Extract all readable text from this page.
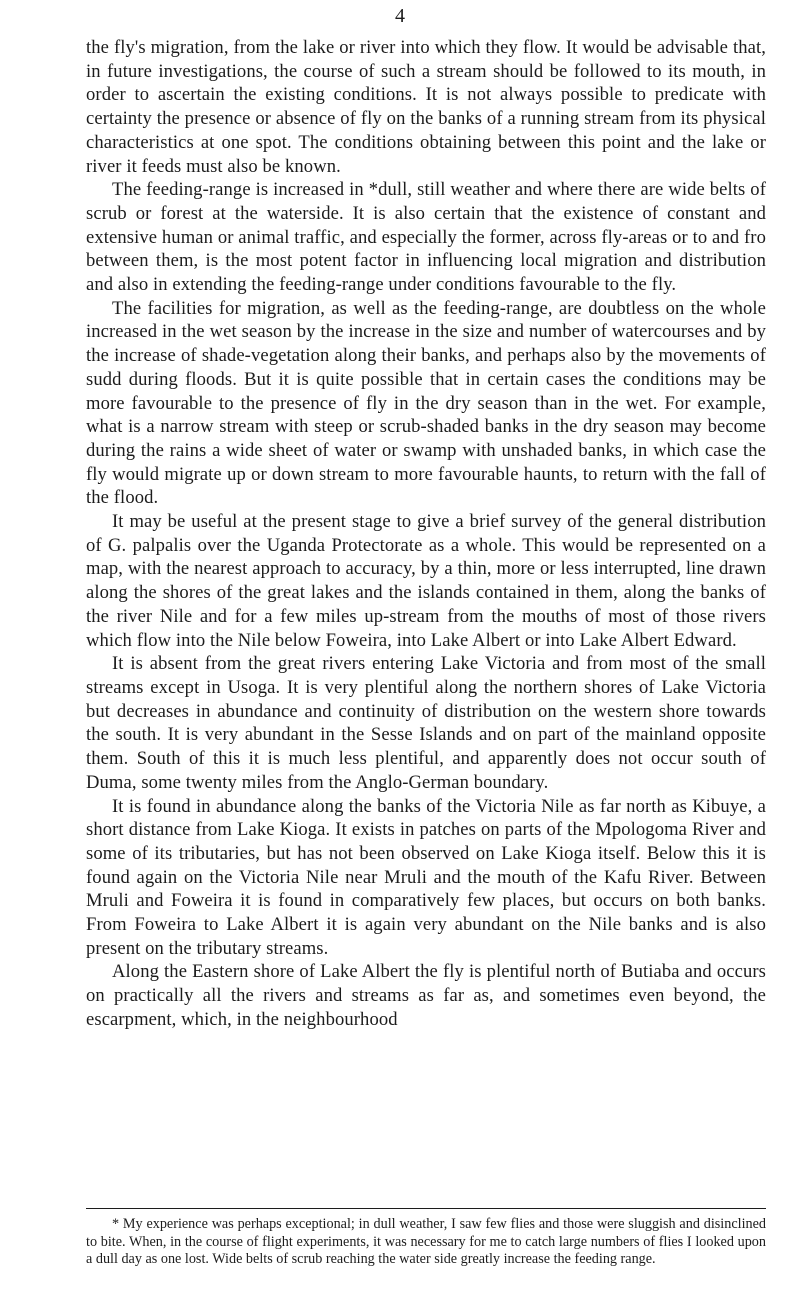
4

the fly's migration, from the lake or river into which they flow. It would be advisable that, in future investigations, the course of such a stream should be followed to its mouth, in order to ascertain the existing conditions. It is not always possible to predicate with certainty the presence or absence of fly on the banks of a running stream from its physical characteristics at one spot. The conditions obtaining between this point and the lake or river it feeds must also be known.

The feeding-range is increased in *dull, still weather and where there are wide belts of scrub or forest at the waterside. It is also certain that the existence of constant and extensive human or animal traffic, and especially the former, across fly-areas or to and fro between them, is the most potent factor in influencing local migration and distribution and also in extending the feeding-range under conditions favourable to the fly.

The facilities for migration, as well as the feeding-range, are doubtless on the whole increased in the wet season by the increase in the size and number of watercourses and by the increase of shade-vegetation along their banks, and perhaps also by the movements of sudd during floods. But it is quite possible that in certain cases the conditions may be more favourable to the presence of fly in the dry season than in the wet. For example, what is a narrow stream with steep or scrub-shaded banks in the dry season may become during the rains a wide sheet of water or swamp with unshaded banks, in which case the fly would migrate up or down stream to more favourable haunts, to return with the fall of the flood.

It may be useful at the present stage to give a brief survey of the general distribution of G. palpalis over the Uganda Protectorate as a whole. This would be represented on a map, with the nearest approach to accuracy, by a thin, more or less interrupted, line drawn along the shores of the great lakes and the islands contained in them, along the banks of the river Nile and for a few miles up-stream from the mouths of most of those rivers which flow into the Nile below Foweira, into Lake Albert or into Lake Albert Edward.

It is absent from the great rivers entering Lake Victoria and from most of the small streams except in Usoga. It is very plentiful along the northern shores of Lake Victoria but decreases in abundance and continuity of distribution on the western shore towards the south. It is very abundant in the Sesse Islands and on part of the mainland opposite them. South of this it is much less plentiful, and apparently does not occur south of Duma, some twenty miles from the Anglo-German boundary.

It is found in abundance along the banks of the Victoria Nile as far north as Kibuye, a short distance from Lake Kioga. It exists in patches on parts of the Mpologoma River and some of its tributaries, but has not been observed on Lake Kioga itself. Below this it is found again on the Victoria Nile near Mruli and the mouth of the Kafu River. Between Mruli and Foweira it is found in comparatively few places, but occurs on both banks. From Foweira to Lake Albert it is again very abundant on the Nile banks and is also present on the tributary streams.

Along the Eastern shore of Lake Albert the fly is plentiful north of Butiaba and occurs on practically all the rivers and streams as far as, and sometimes even beyond, the escarpment, which, in the neighbourhood

* My experience was perhaps exceptional; in dull weather, I saw few flies and those were sluggish and disinclined to bite. When, in the course of flight experiments, it was necessary for me to catch large numbers of flies I looked upon a dull day as one lost. Wide belts of scrub reaching the water side greatly increase the feeding range.
